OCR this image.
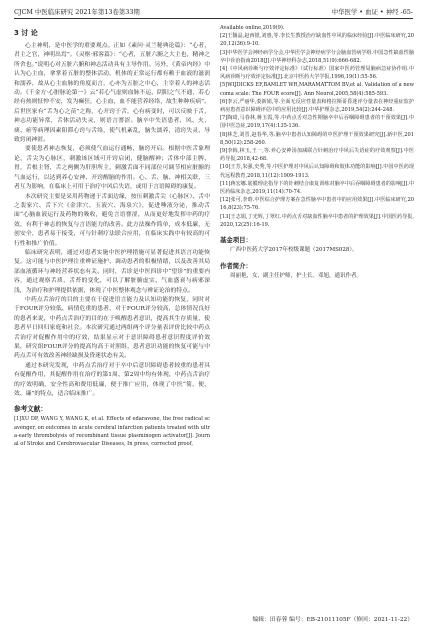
CJCM 中医临床研究 2021年第13卷第33期	中华医学 • 血证 • 神经 -65-
3 讨 论

心主神明，是中医学的重要观点。正如《素问·灵兰秘典论篇》：“心者，君主之官，神明出焉”。《灵枢·邪客篇》：“心者，五脏六腑之大主也，精神之所舍也。”说明心对五脏六腑和神志活动具有主导作用。另外，《黄帝内经》中认为心主血，拿掌着五脏的整体活动，机体的正常运行都有赖于血液的滋润和濡养，故从心主血脉的角度而言，心亦为五脏之中心，主宰着人的神志活动。《千金方·心脏脉论第一》云“若心气虚则血脉不运，阴阳之气不通，若心经有热则怔忡不安，发为癫狂，心主血，血不能营养经络，故生种种疾病”。后世医家有“舌为心之苗”之称，心开窍于舌，心有病变时，可以反映于舌，神志功能异常，舌体活动失灵，则语言謇涩。脑卒中失语患者，风、火、痰、瘀等病理因素阻滞心窍与舌络，使气机紊乱，脑失濡养，清窍失灵，导致窍闭神匿。

要使患者神志恢复，必须使气血运行通畅，脑窍开启。根据中医舌象理论，舌尖为心脉区，刺激该区域可开窍启闭，健脑醒神；舌体中部主脾、胃，舌根主肾，舌之两侧为肝胆所主，刺激舌面不同部位可调节相应脏腑的气血运行，以达到养心安神、开窍醒脑的作用。心、舌、脑、神相关联，三者互为影响，在临床上可用于治疗中风后失语，或用于言语障碍的康复。

本次研究主要是采用药物递于舌面边缘，按压刺激舌尖（心脉区）、舌中之裴家穴、舌下穴《金津穴、玉液穴、海泉穴》，促进唾液分泌，推动舌面“心脑血液运行及药物的吸收，避免言语謇涩，从而更好地发挥中药的疗效，有利于神志的恢复与言语能力的改善。此方法操作简单，成本低廉，无创安全，患者易于接受，可与针刺疗法联合应用，在临床实践中有较高的可行性和推广价值。

临床研究表明，通过对患者实施中医护理措施可显著促进其语言功能恢复。这可能与中医护理注重辨证施护、调动患者的积极情绪，以及改善其局部血液循环与神经营养状态有关。同时，舌诊是中医四诊中“望诊”的重要内容，通过观察舌质、舌苔的变化，可以了解脏腑虚实、气血盛衰与病邪深浅，为治疗和护理提供依据，体现了中医整体观念与辨证论治的特点。

中药点舌治疗的目的主要在于促进语言能力及认知功能的恢复，同时对于FOUR评分较低、病情危重的患者，对于FOUR评分较高，总体情况良好的患者来说，中药点舌治疗的目的在于唤醒患者意识，提高其生存质量，使患者早日回归家庭和社会。本次研究通过两组两个评分量表评价比较中药点舌治疗对促醒作用中的疗效，结果显示对于意识障碍患者意识程度评价效果，研究组FOUR评分的提高均高于对照组，患者意识功能的恢复可能与中药点舌可有效改善神经缺损及昏迷状态有关。

通过本研究发现，中药点舌治疗对于卒中后意识障碍患者较重的患者具有促醒作用，其促醒作用在治疗的第1周、第2周中均有体现，中药点舌治疗的疗效明确，安全性高和费用低廉，便于推广应用，体现了中医“简、便、效、廉”的特点，适合临床推广。

参考文献：
[1]XU DP, WANG Y, WANG K, et al. Effects of edaravone, the free radical scavenger, on outcomes in acute cerebral infarction patients treated with ultra-early thrombolysis of recombinant tissue plasminogen activator[J]. Journal of Stroke and Cerebrovascular Diseases, In press, corrected proof,
Available online,2019(9).
[2]王馥晶,赵西银,刘惠,等.李长生教授治疗缺血性中风的临床经验[J].中医临床研究,2020,12(36):9-10.
[3]中华医学会神经病学分会,中华医学会神经病学分会脑血管病学组.中国急性缺血性脑卒中诊治指南2018[J].中华神经科杂志,2018,51(9):666-682.
[4]《中风病诊断与疗效评定标准》（试行标准）国家中医药管理局脑病急症协作组.中风病诊断与疗效评定标准[J].北京中医药大学学报,1996,19(1):55-56.
[5]WIJDICKS EF,BAMLET WR,MARAMATTOM BV,et al. Validation of a new coma scale: The FOUR score[J]. Ann Neurol,2005,58(4):585-593.
[6]李云,严丽华,娄新娟,等.全面无反应性量表和格拉斯哥昏迷评分量表在神经重症监护病房患者意识障碍评估中的应用比较[J].中华护理杂志,2019,54(2):244-248.
[7]陶琦,马春林,蒋玉霞,等.中药点舌对急性期脑卒中后吞咽障碍患者的干预效果[J].中国中医急症,2019,17(4):135-136.
[8]林芝,刘晋,赵春华,等.脑卒中患者认知障碍的中医护理干预效果研究[J].新中医,2018,50(12):258-260.
[9]李韩,林玉,王一,等.养心安神汤加减联合针刺治疗中风后失语症的疗效观察[J].中医药导报,2018,42-68.
[10]王芳,朱强,史秀,等.中医护理对中风后认知障碍和肢体功能的影响[J].中国中医药现代远程教育,2018,11(12):1909-1913.
[11]蒋宏娜.筋膜理论指导下的针刺结合康复训练对脑卒中后吞咽障碍患者的影响[J].中医药临床杂志,2019,11(14):70-74.
[12]张可,李晗.中医综合护理方案在急性脑卒中患者中的应用效果[J].中医临床研究,2016,8(23):75-76.
[13]王志娟,丁光辉,丁翠红.中药点舌对缺血性脑卒中患者的护理效果[J].中国医药导报,2020,12(25):16-19.
基金项目：

广西中医药大学2017年校级课题（2017MS028）。

作者简介：

周丽艳，女，副主任护师，护士长。邓旭，通讯作者。

编辑：田春蓉 编号：EB-21011105F（修回：2021-11-22）
